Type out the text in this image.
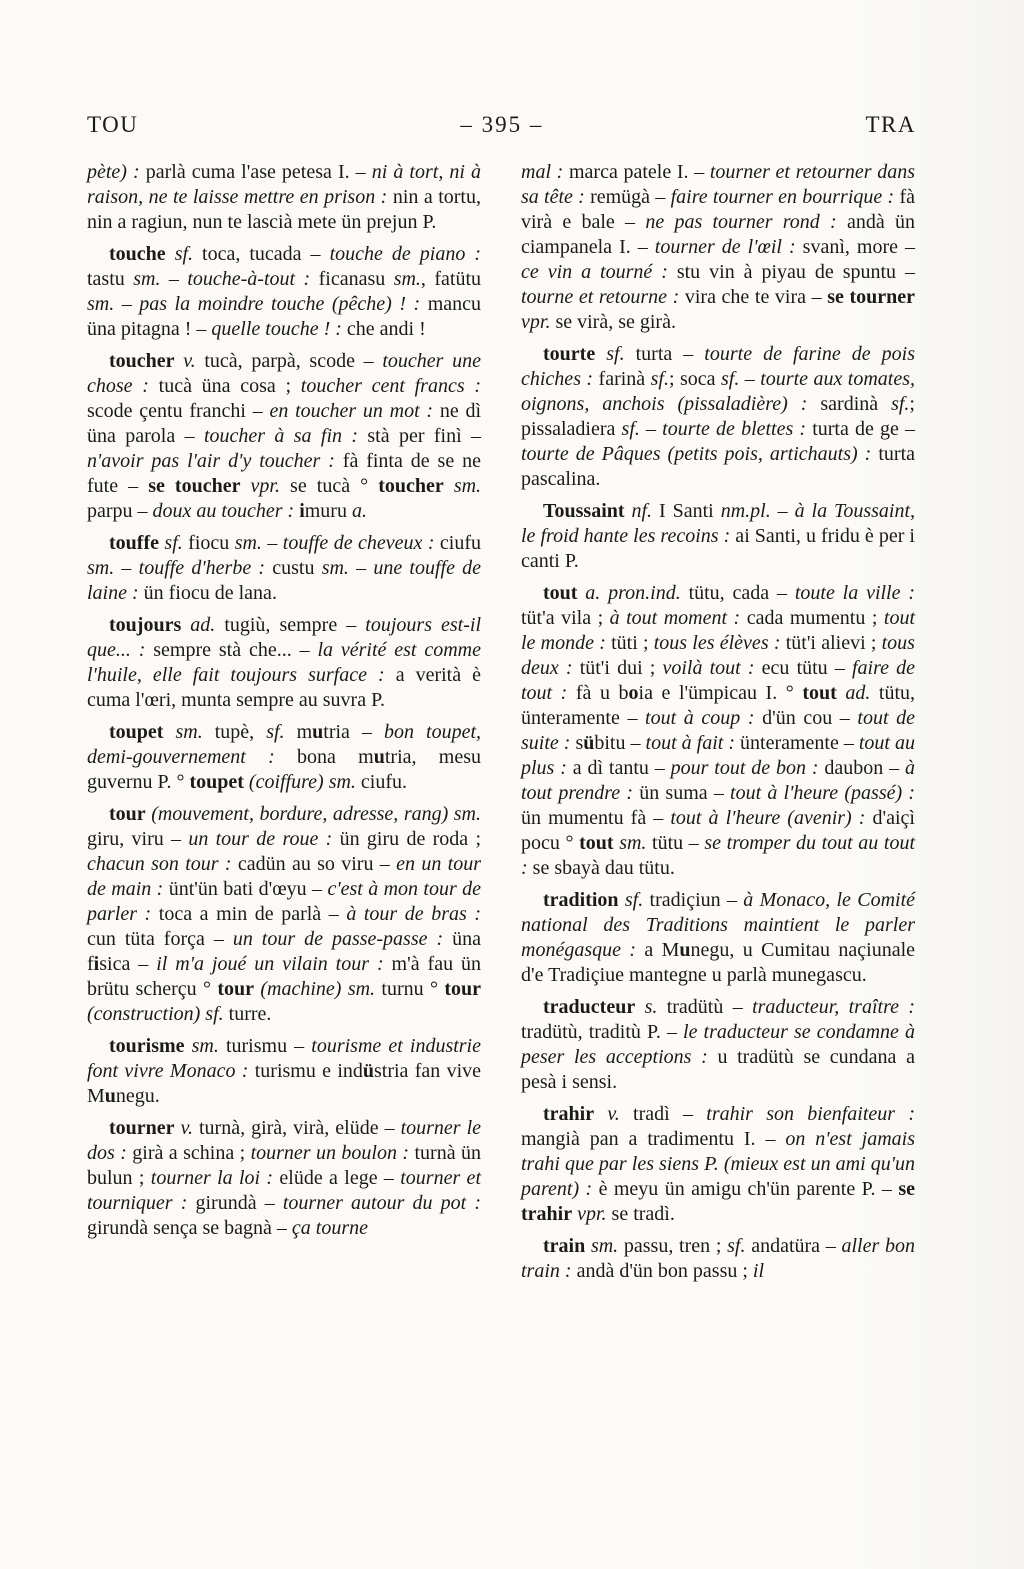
TOU	– 395 –	TRA

pète) : parlà cuma l'ase petesa I. – ni à tort, ni à raison, ne te laisse mettre en prison : nin a tortu, nin a ragiun, nun te lascià mete ün prejun P.

touche sf. toca, tucada – touche de piano : tastu sm. – touche-à-tout : ficanasu sm., fatütu sm. – pas la moindre touche (pêche) ! : mancu üna pitagna ! – quelle touche ! : che andi !

toucher v. tucà, parpà, scode – toucher une chose : tucà üna cosa ; toucher cent francs : scode çentu franchi – en toucher un mot : ne dì üna parola – toucher à sa fin : stà per finì – n'avoir pas l'air d'y toucher : fà finta de se ne fute – se toucher vpr. se tucà ° toucher sm. parpu – doux au toucher : imuru a.

touffe sf. fiocu sm. – touffe de cheveux : ciufu sm. – touffe d'herbe : custu sm. – une touffe de laine : ün fiocu de lana.

toujours ad. tugiù, sempre – toujours est-il que... : sempre stà che... – la vérité est comme l'huile, elle fait toujours surface : a verità è cuma l'œri, munta sempre au suvra P.

toupet sm. tupè, sf. mutria – bon toupet, demi-gouvernement : bona mutria, mesu guvernu P. ° toupet (coiffure) sm. ciufu.

tour (mouvement, bordure, adresse, rang) sm. giru, viru – un tour de roue : ün giru de roda ; chacun son tour : cadün au so viru – en un tour de main : ünt'ün bati d'œyu – c'est à mon tour de parler : toca a min de parlà – à tour de bras : cun tüta força – un tour de passe-passe : üna fisica – il m'a joué un vilain tour : m'à fau ün brütu scherçu ° tour (machine) sm. turnu ° tour (construction) sf. turre.

tourisme sm. turismu – tourisme et industrie font vivre Monaco : turismu e indüstria fan vive Munegu.

tourner v. turnà, girà, virà, elüde – tourner le dos : girà a schina ; tourner un boulon : turnà ün bulun ; tourner la loi : elüde a lege – tourner et tourniquer : girundà – tourner autour du pot : girundà sença se bagnà – ça tourne

mal : marca patele I. – tourner et retourner dans sa tête : remügà – faire tourner en bourrique : fà virà e bale – ne pas tourner rond : andà ün ciampanela I. – tourner de l'œil : svanì, more – ce vin a tourné : stu vin à piyau de spuntu – tourne et retourne : vira che te vira – se tourner vpr. se virà, se girà.

tourte sf. turta – tourte de farine de pois chiches : farinà sf.; soca sf. – tourte aux tomates, oignons, anchois (pissaladière) : sardinà sf.; pissaladiera sf. – tourte de blettes : turta de ge – tourte de Pâques (petits pois, artichauts) : turta pascalina.

Toussaint nf. I Santi nm.pl. – à la Toussaint, le froid hante les recoins : ai Santi, u fridu è per i canti P.

tout a. pron.ind. tütu, cada – toute la ville : tüt'a vila ; à tout moment : cada mumentu ; tout le monde : tüti ; tous les élèves : tüt'i alievi ; tous deux : tüt'i dui ; voilà tout : ecu tütu – faire de tout : fà u boia e l'ümpicau I. ° tout ad. tütu, ünteramente – tout à coup : d'ün cou – tout de suite : sübitu – tout à fait : ünteramente – tout au plus : a dì tantu – pour tout de bon : daubon – à tout prendre : ün suma – tout à l'heure (passé) : ün mumentu fà – tout à l'heure (avenir) : d'aiçì pocu ° tout sm. tütu – se tromper du tout au tout : se sbayà dau tütu.

tradition sf. tradiçiun – à Monaco, le Comité national des Traditions maintient le parler monégasque : a Munegu, u Cumitau naçiunale d'e Tradiçiue mantegne u parlà munegascu.

traducteur s. tradütù – traducteur, traître : tradütù, traditù P. – le traducteur se condamne à peser les acceptions : u tradütù se cundana a pesà i sensi.

trahir v. tradì – trahir son bienfaiteur : mangià pan a tradimentu I. – on n'est jamais trahi que par les siens P. (mieux est un ami qu'un parent) : è meyu ün amigu ch'ün parente P. – se trahir vpr. se tradì.

train sm. passu, tren ; sf. andatüra – aller bon train : andà d'ün bon passu ; il
